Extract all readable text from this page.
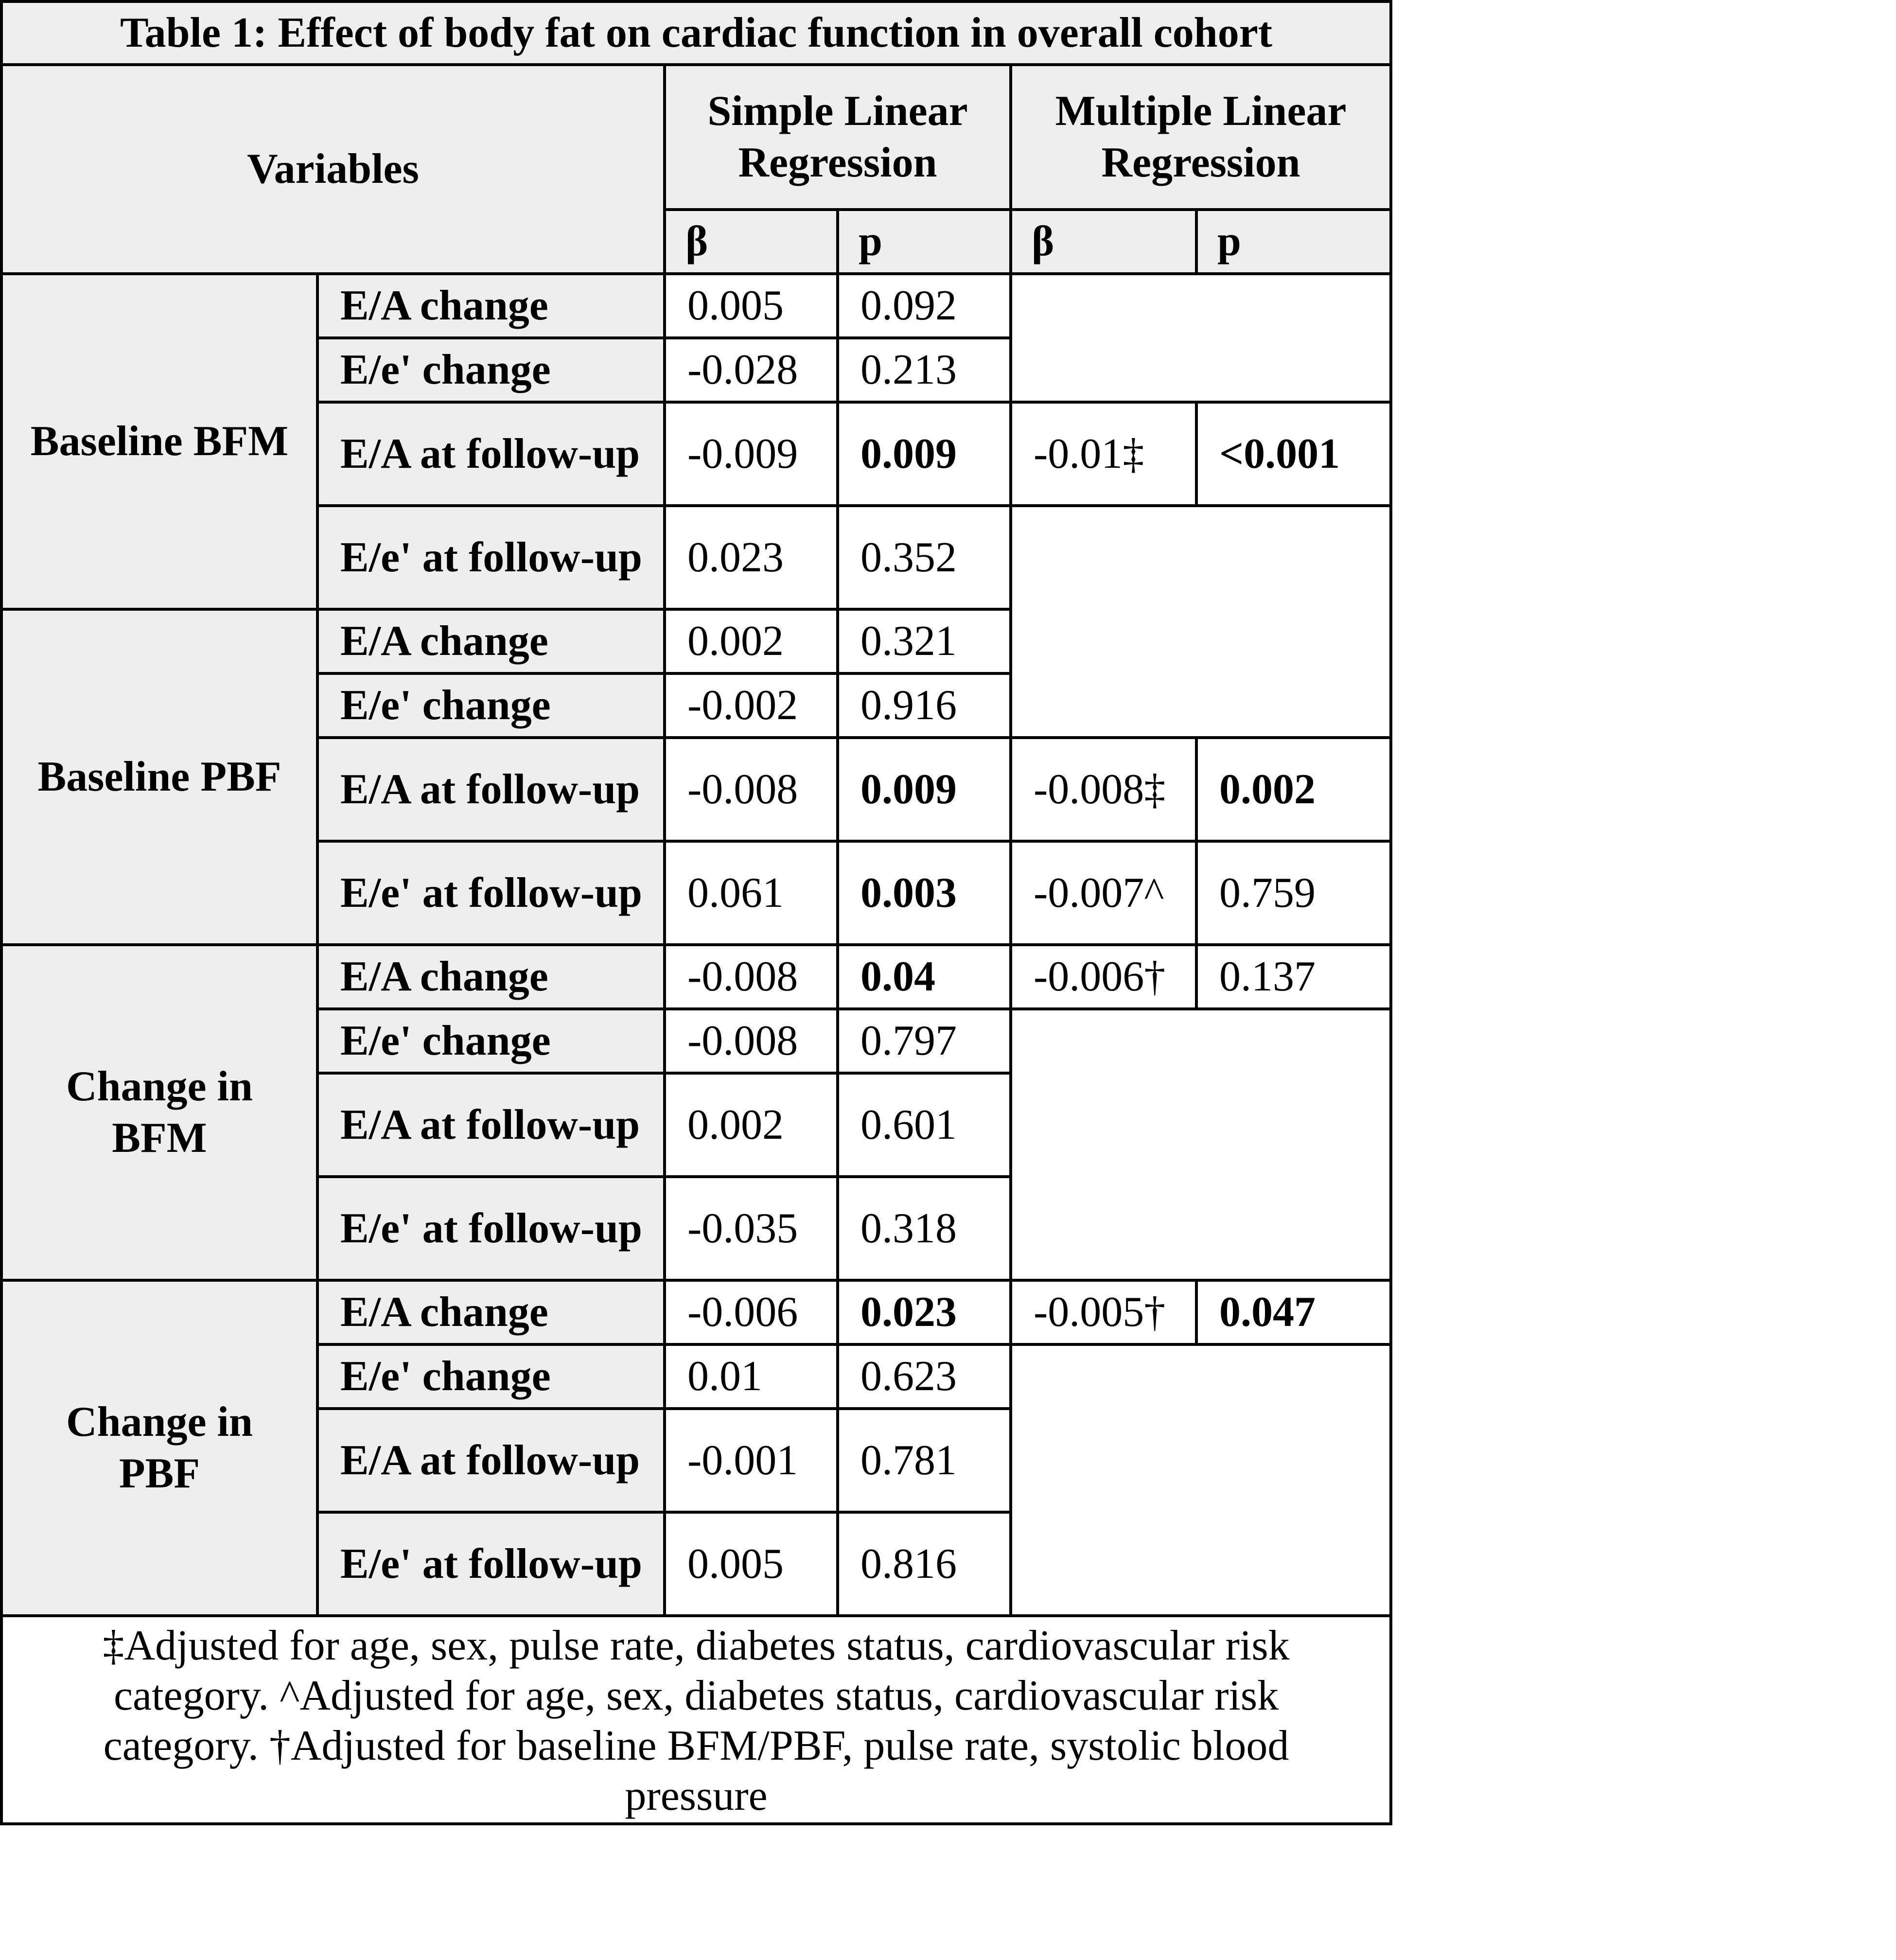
Table 1: Effect of body fat on cardiac function in overall cohort					
Variables		Simple Linear Regression		Multiple Linear Regression	
		β	p	β	p
Baseline BFM	E/A change	0.005	0.092		
	E/e' change	-0.028	0.213		
	E/A at follow-up	-0.009	0.009	-0.01‡	<0.001
	E/e' at follow-up	0.023	0.352		
Baseline PBF	E/A change	0.002	0.321		
	E/e' change	-0.002	0.916		
	E/A at follow-up	-0.008	0.009	-0.008‡	0.002
	E/e' at follow-up	0.061	0.003	-0.007^	0.759
Change in BFM	E/A change	-0.008	0.04	-0.006†	0.137
	E/e' change	-0.008	0.797		
	E/A at follow-up	0.002	0.601		
	E/e' at follow-up	-0.035	0.318		
Change in PBF	E/A change	-0.006	0.023	-0.005†	0.047
	E/e' change	0.01	0.623		
	E/A at follow-up	-0.001	0.781		
	E/e' at follow-up	0.005	0.816		
‡Adjusted for age, sex, pulse rate, diabetes status, cardiovascular risk category. ^Adjusted for age, sex, diabetes status, cardiovascular risk category. †Adjusted for baseline BFM/PBF, pulse rate, systolic blood pressure					
